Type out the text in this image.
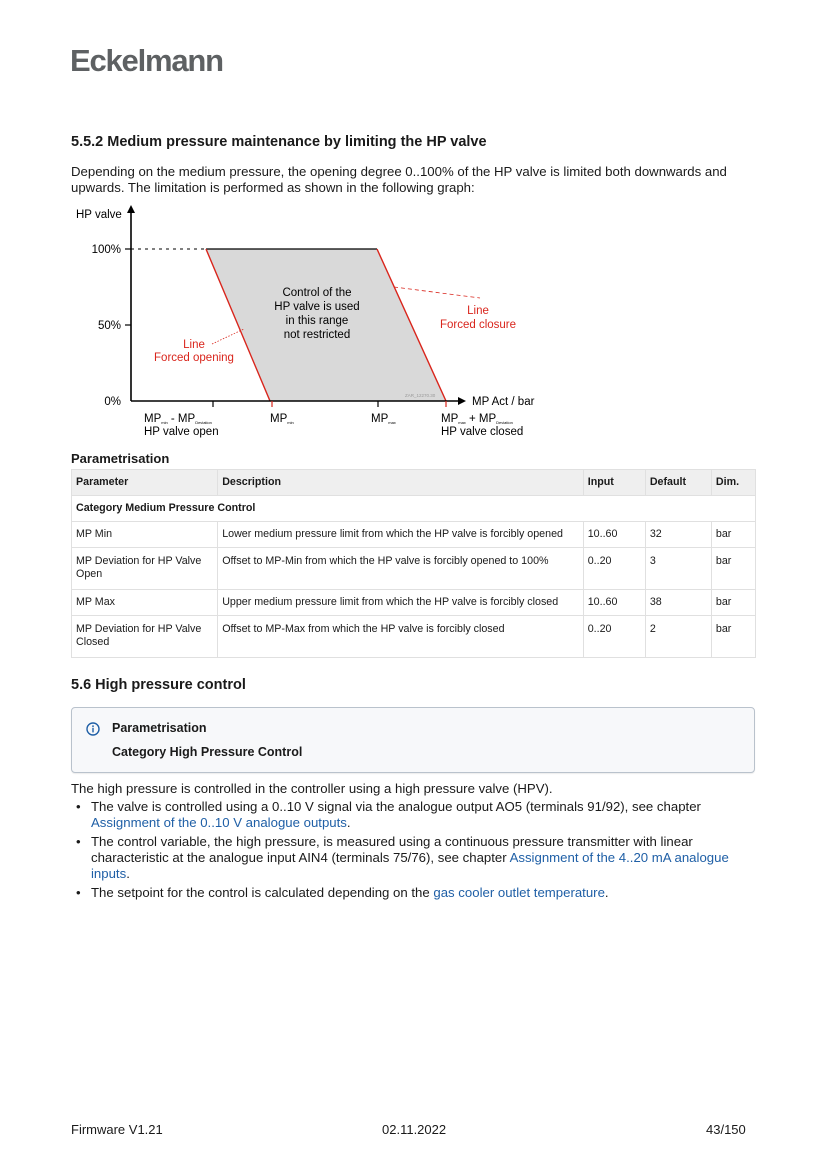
Eckelmann
5.5.2 Medium pressure maintenance by limiting the HP valve
Depending on the medium pressure, the opening degree 0..100% of the HP valve is limited both downwards and upwards. The limitation is performed as shown in the following graph:
HP valve
100%
50%
0%	MP Act / bar
MPmin - MPDeviation
HP valve open
MPmin	MPmax	MPmax + MPDeviation
HP valve closed
Control of the
HP valve is used
in this range
not restricted
Line
Forced opening
Line
Forced closure
ZAR_12270.30
Parametrisation
Parameter	Description	Input	Default	Dim.
Category Medium Pressure Control				
MP Min	Lower medium pressure limit from which the HP valve is forcibly opened	10..60	32	bar
MP Deviation for HP Valve Open	Offset to MP-Min from which the HP valve is forcibly opened to 100%	0..20	3	bar
MP Max	Upper medium pressure limit from which the HP valve is forcibly closed	10..60	38	bar
MP Deviation for HP Valve Closed	Offset to MP-Max from which the HP valve is forcibly closed	0..20	2	bar
5.6 High pressure control
Parametrisation
Category High Pressure Control
The high pressure is controlled in the controller using a high pressure valve (HPV).
• The valve is controlled using a 0..10 V signal via the analogue output AO5 (terminals 91/92), see chapter Assignment of the 0..10 V analogue outputs.
• The control variable, the high pressure, is measured using a continuous pressure transmitter with linear characteristic at the analogue input AIN4 (terminals 75/76), see chapter Assignment of the 4..20 mA analogue inputs.
• The setpoint for the control is calculated depending on the gas cooler outlet temperature.
Firmware V1.21	02.11.2022	43/150
